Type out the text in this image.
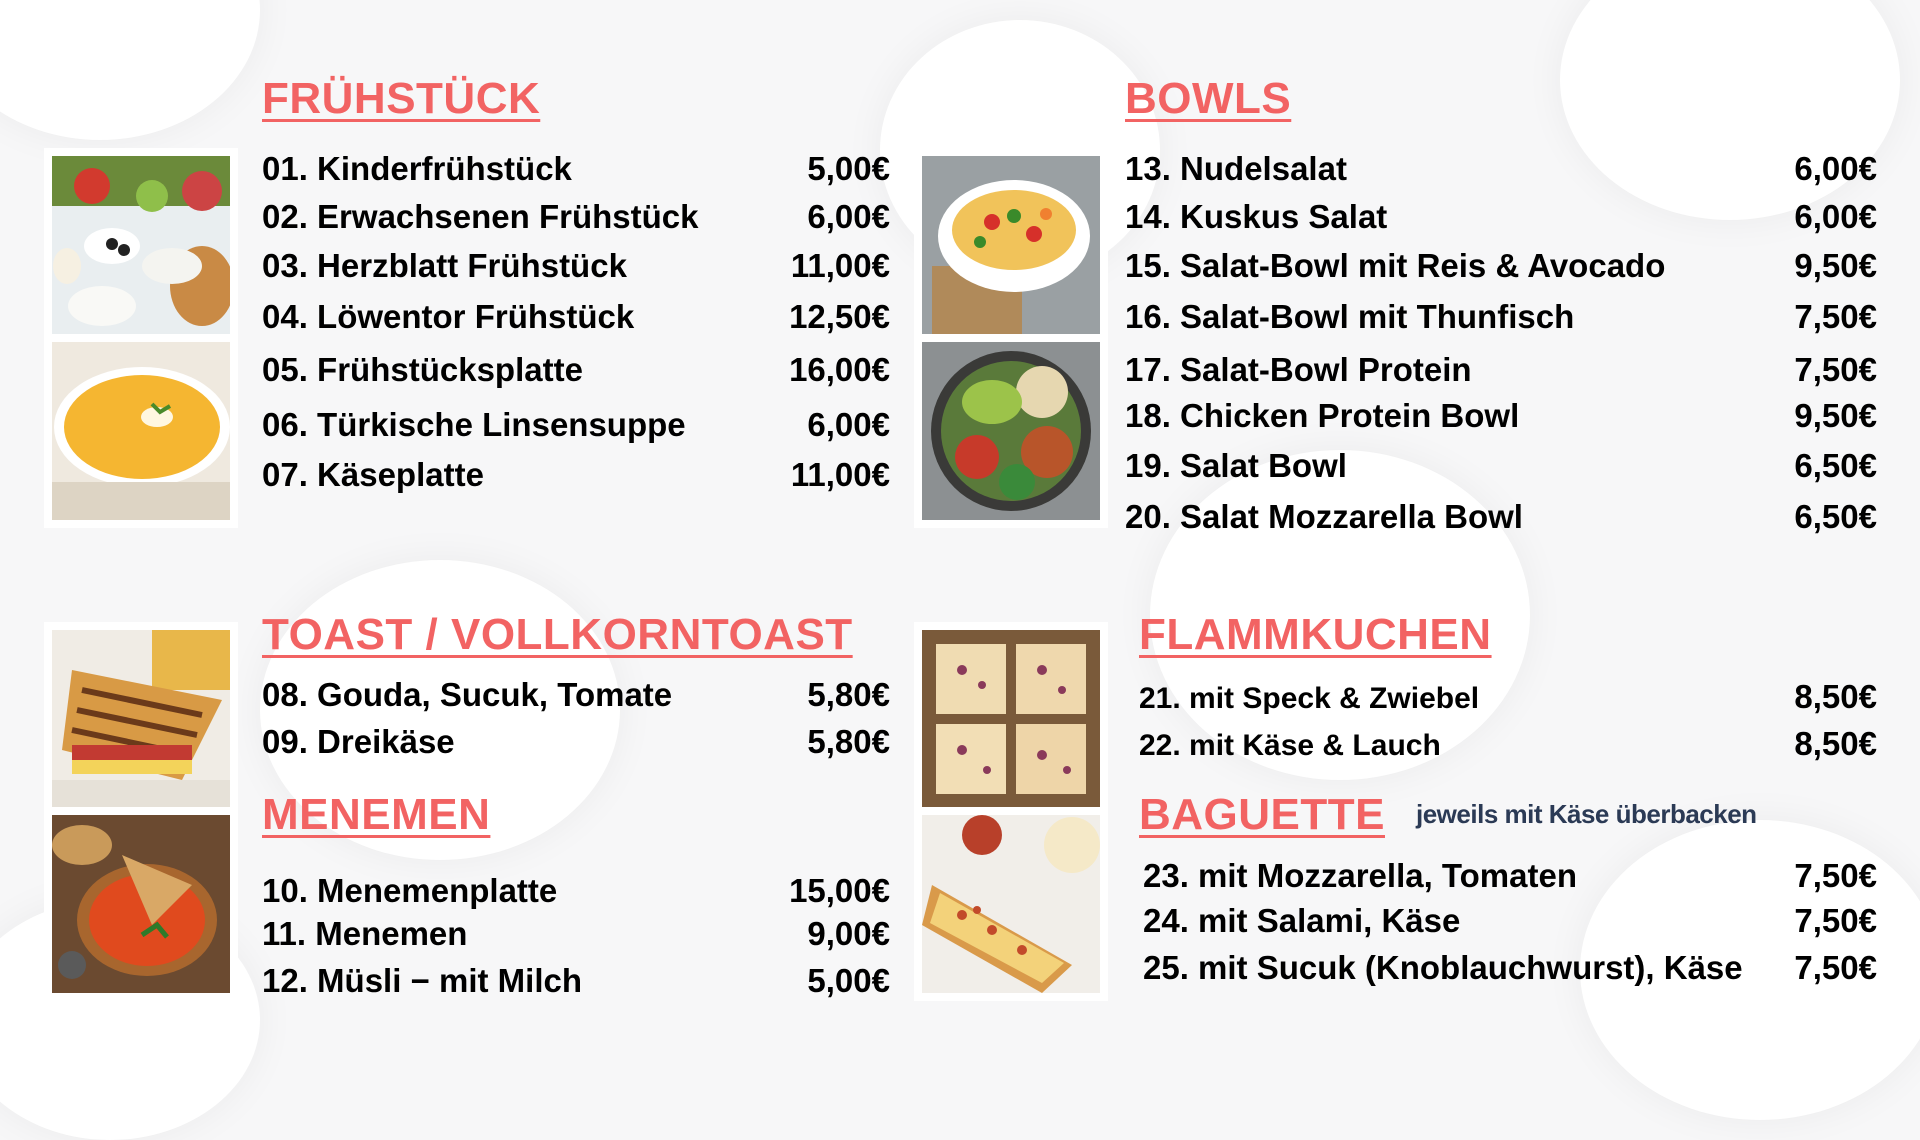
FRÜHSTÜCK
01. Kinderfrühstück	5,00€
02. Erwachsenen Frühstück	6,00€
03. Herzblatt Frühstück	11,00€
04. Löwentor Frühstück	12,50€
05. Frühstücksplatte	16,00€
06. Türkische Linsensuppe	6,00€
07. Käseplatte	11,00€
BOWLS
13. Nudelsalat	6,00€
14. Kuskus Salat	6,00€
15. Salat-Bowl mit Reis & Avocado	9,50€
16. Salat-Bowl mit Thunfisch	7,50€
17. Salat-Bowl Protein	7,50€
18. Chicken Protein Bowl	9,50€
19. Salat Bowl	6,50€
20. Salat Mozzarella Bowl	6,50€
TOAST / VOLLKORNTOAST
08. Gouda, Sucuk, Tomate	5,80€
09. Dreikäse	5,80€
MENEMEN
10. Menemenplatte	15,00€
11. Menemen	9,00€
12. Müsli − mit Milch	5,00€
FLAMMKUCHEN
21. mit Speck & Zwiebel	8,50€
22. mit Käse & Lauch	8,50€
BAGUETTE jeweils mit Käse überbacken
23. mit Mozzarella, Tomaten	7,50€
24. mit Salami, Käse	7,50€
25. mit Sucuk (Knoblauchwurst), Käse 7,50€
